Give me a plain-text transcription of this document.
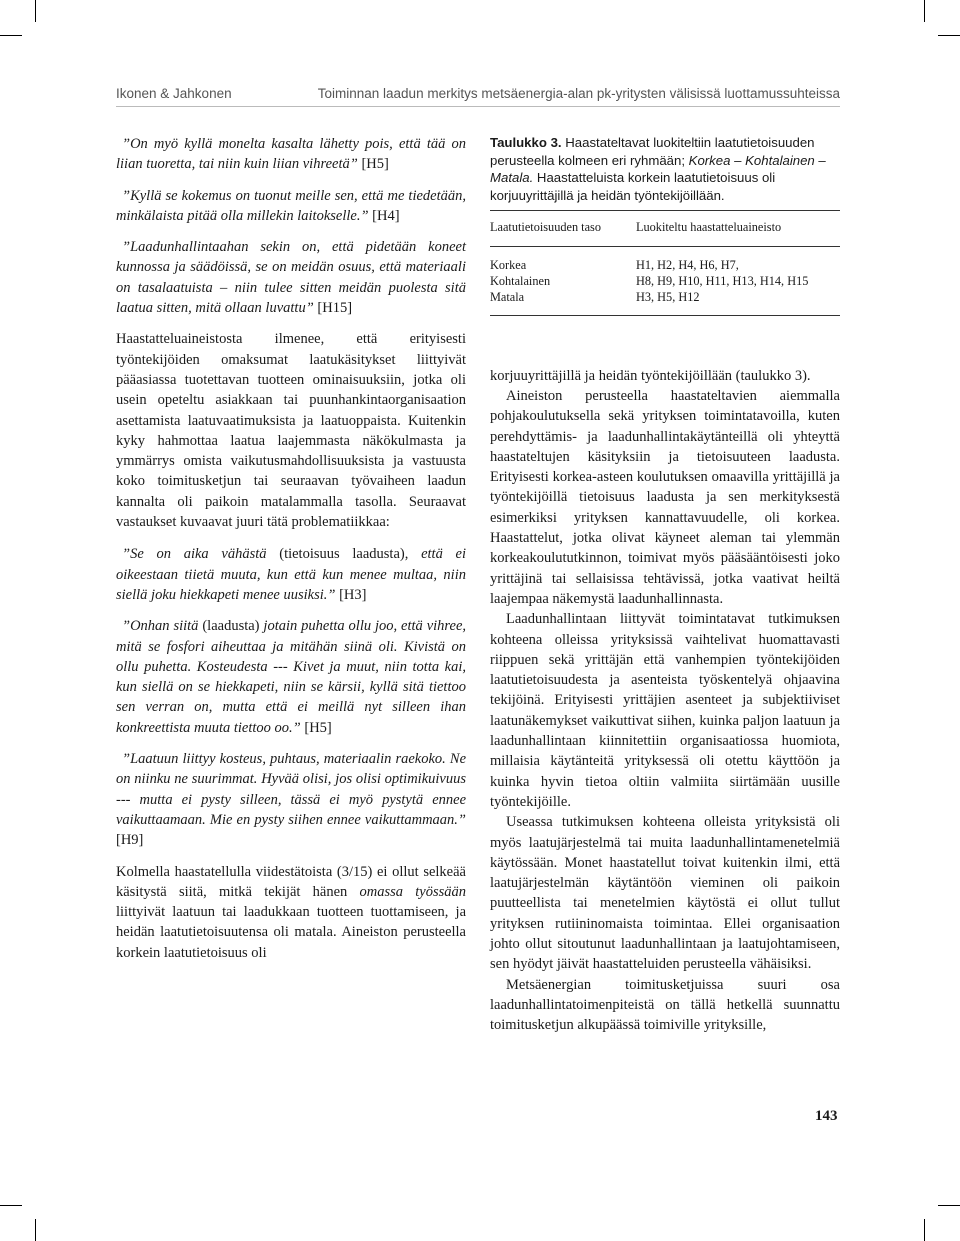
Ikonen & Jahkonen	Toiminnan laadun merkitys metsäenergia-alan pk-yritysten välisissä luottamussuhteissa

”On myö kyllä monelta kasalta lähetty pois, että tää on liian tuoretta, tai niin kuin liian vihreetä” [H5]

”Kyllä se kokemus on tuonut meille sen, että me tiedetään, minkälaista pitää olla millekin laitokselle.” [H4]

”Laadunhallintaahan sekin on, että pidetään koneet kunnossa ja säädöissä, se on meidän osuus, että materiaali on tasalaatuista – niin tulee sitten meidän puolesta sitä laatua sitten, mitä ollaan luvattu” [H15]

Haastatteluaineistosta ilmenee, että erityisesti työntekijöiden omaksumat laatukäsitykset liittyivät pääasiassa tuotettavan tuotteen ominaisuuksiin, jotka oli usein opeteltu asiakkaan tai puunhankintaorganisaation asettamista laatuvaatimuksista ja laatuoppaista. Kuitenkin kyky hahmottaa laatua laajemmasta näkökulmasta ja ymmärrys omista vaikutusmahdollisuuksista ja vastuusta koko toimitusketjun tai seuraavan työvaiheen laadun kannalta oli paikoin matalammalla tasolla. Seuraavat vastaukset kuvaavat juuri tätä problematiikkaa:

”Se on aika vähästä (tietoisuus laadusta), että ei oikeestaan tiietä muuta, kun että kun menee multaa, niin siellä joku hiekkapeti menee uusiksi.” [H3]

”Onhan siitä (laadusta) jotain puhetta ollu joo, että vihree, mitä se fosfori aiheuttaa ja mitähän siinä oli. Kivistä on ollu puhetta. Kosteudesta --- Kivet ja muut, niin totta kai, kun siellä on se hiekkapeti, niin se kärsii, kyllä sitä tiettoo sen verran on, mutta että ei meillä nyt silleen ihan konkreettista muuta tiettoo oo.” [H5]

”Laatuun liittyy kosteus, puhtaus, materiaalin raekoko. Ne on niinku ne suurimmat. Hyvää olisi, jos olisi optimikuivuus --- mutta ei pysty silleen, tässä ei myö pystytä ennee vaikuttaamaan. Mie en pysty siihen ennee vaikuttammaan.” [H9]

Kolmella haastatellulla viidestätoista (3/15) ei ollut selkeää käsitystä siitä, mitkä tekijät hänen omassa työssään liittyivät laatuun tai laadukkaan tuotteen tuottamiseen, ja heidän laatutietoisuutensa oli matala. Aineiston perusteella korkein laatutietoisuus oli

Taulukko 3. Haastateltavat luokiteltiin laatutietoisuuden perusteella kolmeen eri ryhmään; Korkea – Kohtalainen – Matala. Haastatteluista korkein laatutietoisuus oli korjuuyrittäjillä ja heidän työntekijöillään.

Laatutietoisuuden taso	Luokiteltu haastatteluaineisto
Korkea	H1, H2, H4, H6, H7,
Kohtalainen	H8, H9, H10, H11, H13, H14, H15
Matala	H3, H5, H12

korjuuyrittäjillä ja heidän työntekijöillään (taulukko 3).

Aineiston perusteella haastateltavien aiemmalla pohjakoulutuksella sekä yrityksen toimintatavoilla, kuten perehdyttämis- ja laadunhallintakäytänteillä oli yhteyttä haastateltujen käsityksiin ja tietoisuuteen laadusta. Erityisesti korkea-asteen koulutuksen omaavilla yrittäjillä ja työntekijöillä tietoisuus laadusta ja sen merkityksestä esimerkiksi yrityksen kannattavuudelle, oli korkea. Haastattelut, jotka olivat käyneet aleman tai ylemmän korkeakoulututkinnon, toimivat myös pääsääntöisesti joko yrittäjinä tai sellaisissa tehtävissä, jotka vaativat heiltä laajempaa näkemystä laadunhallinnasta.

Laadunhallintaan liittyvät toimintatavat tutkimuksen kohteena olleissa yrityksissä vaihtelivat huomattavasti riippuen sekä yrittäjän että vanhempien työntekijöiden laatutietoisuudesta ja asenteista työskentelyä ohjaavina tekijöinä. Erityisesti yrittäjien asenteet ja subjektiiviset laatunäkemykset vaikuttivat siihen, kuinka paljon laatuun ja laadunhallintaan kiinnitettiin organisaatiossa huomiota, millaisia käytänteitä yrityksessä oli otettu käyttöön ja kuinka hyvin tietoa oltiin valmiita siirtämään uusille työntekijöille.

Useassa tutkimuksen kohteena olleista yrityksistä oli myös laatujärjestelmä tai muita laadunhallintamenetelmiä käytössään. Monet haastatellut toivat kuitenkin ilmi, että laatujärjestelmän käytäntöön vieminen oli paikoin puutteellista tai menetelmien käytöstä ei ollut tullut yrityksen rutiininomaista toimintaa. Ellei organisaation johto ollut sitoutunut laadunhallintaan ja laatujohtamiseen, sen hyödyt jäivät haastatteluiden perusteella vähäisiksi.

Metsäenergian toimitusketjuissa suuri osa laadunhallintatoimenpiteistä on tällä hetkellä suunnattu toimitusketjun alkupäässä toimiville yrityksille,

143
